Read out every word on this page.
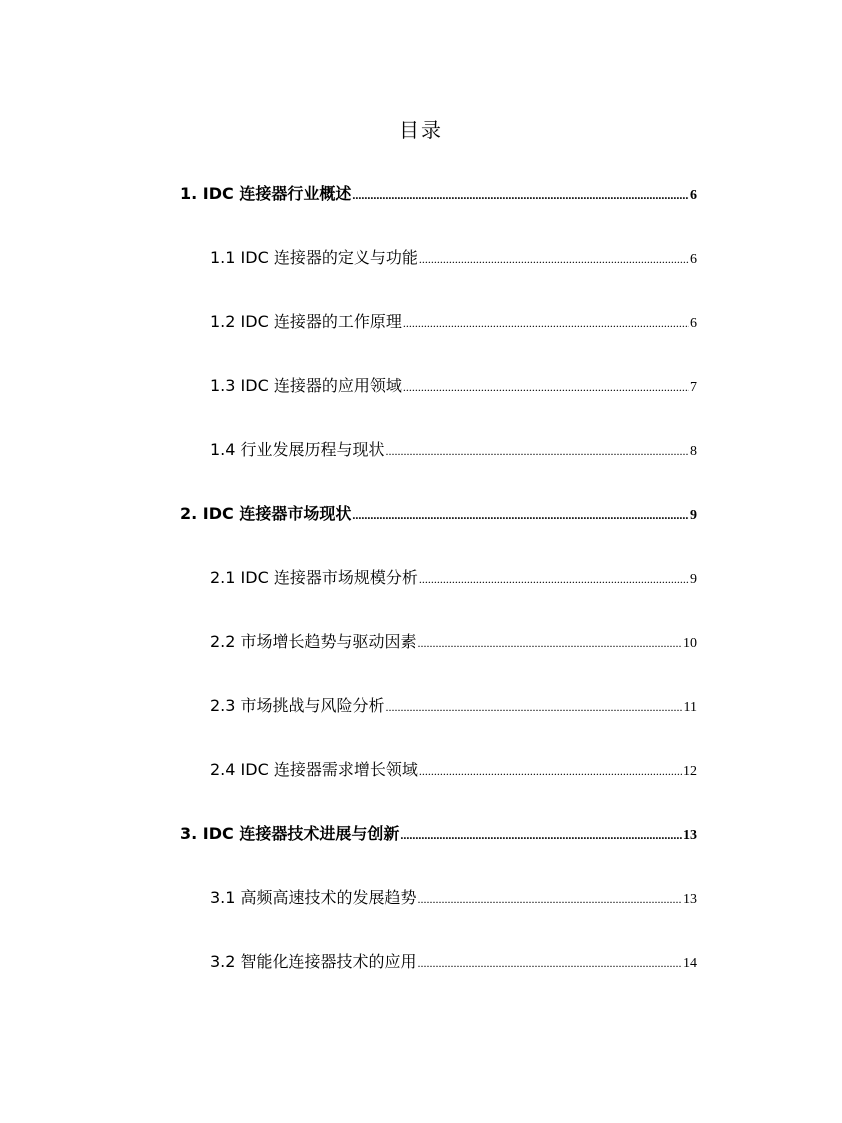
目录
1. IDC 连接器行业概述 .....	6
1.1 IDC 连接器的定义与功能 .....	6
1.2 IDC 连接器的工作原理 .....	6
1.3 IDC 连接器的应用领域 .....	7
1.4 行业发展历程与现状 .....	8
2. IDC 连接器市场现状 .....	9
2.1 IDC 连接器市场规模分析 .....	9
2.2 市场增长趋势与驱动因素 .....	10
2.3 市场挑战与风险分析 .....	11
2.4 IDC 连接器需求增长领域 .....	12
3. IDC 连接器技术进展与创新 .....	13
3.1 高频高速技术的发展趋势 .....	13
3.2 智能化连接器技术的应用 .....	14
